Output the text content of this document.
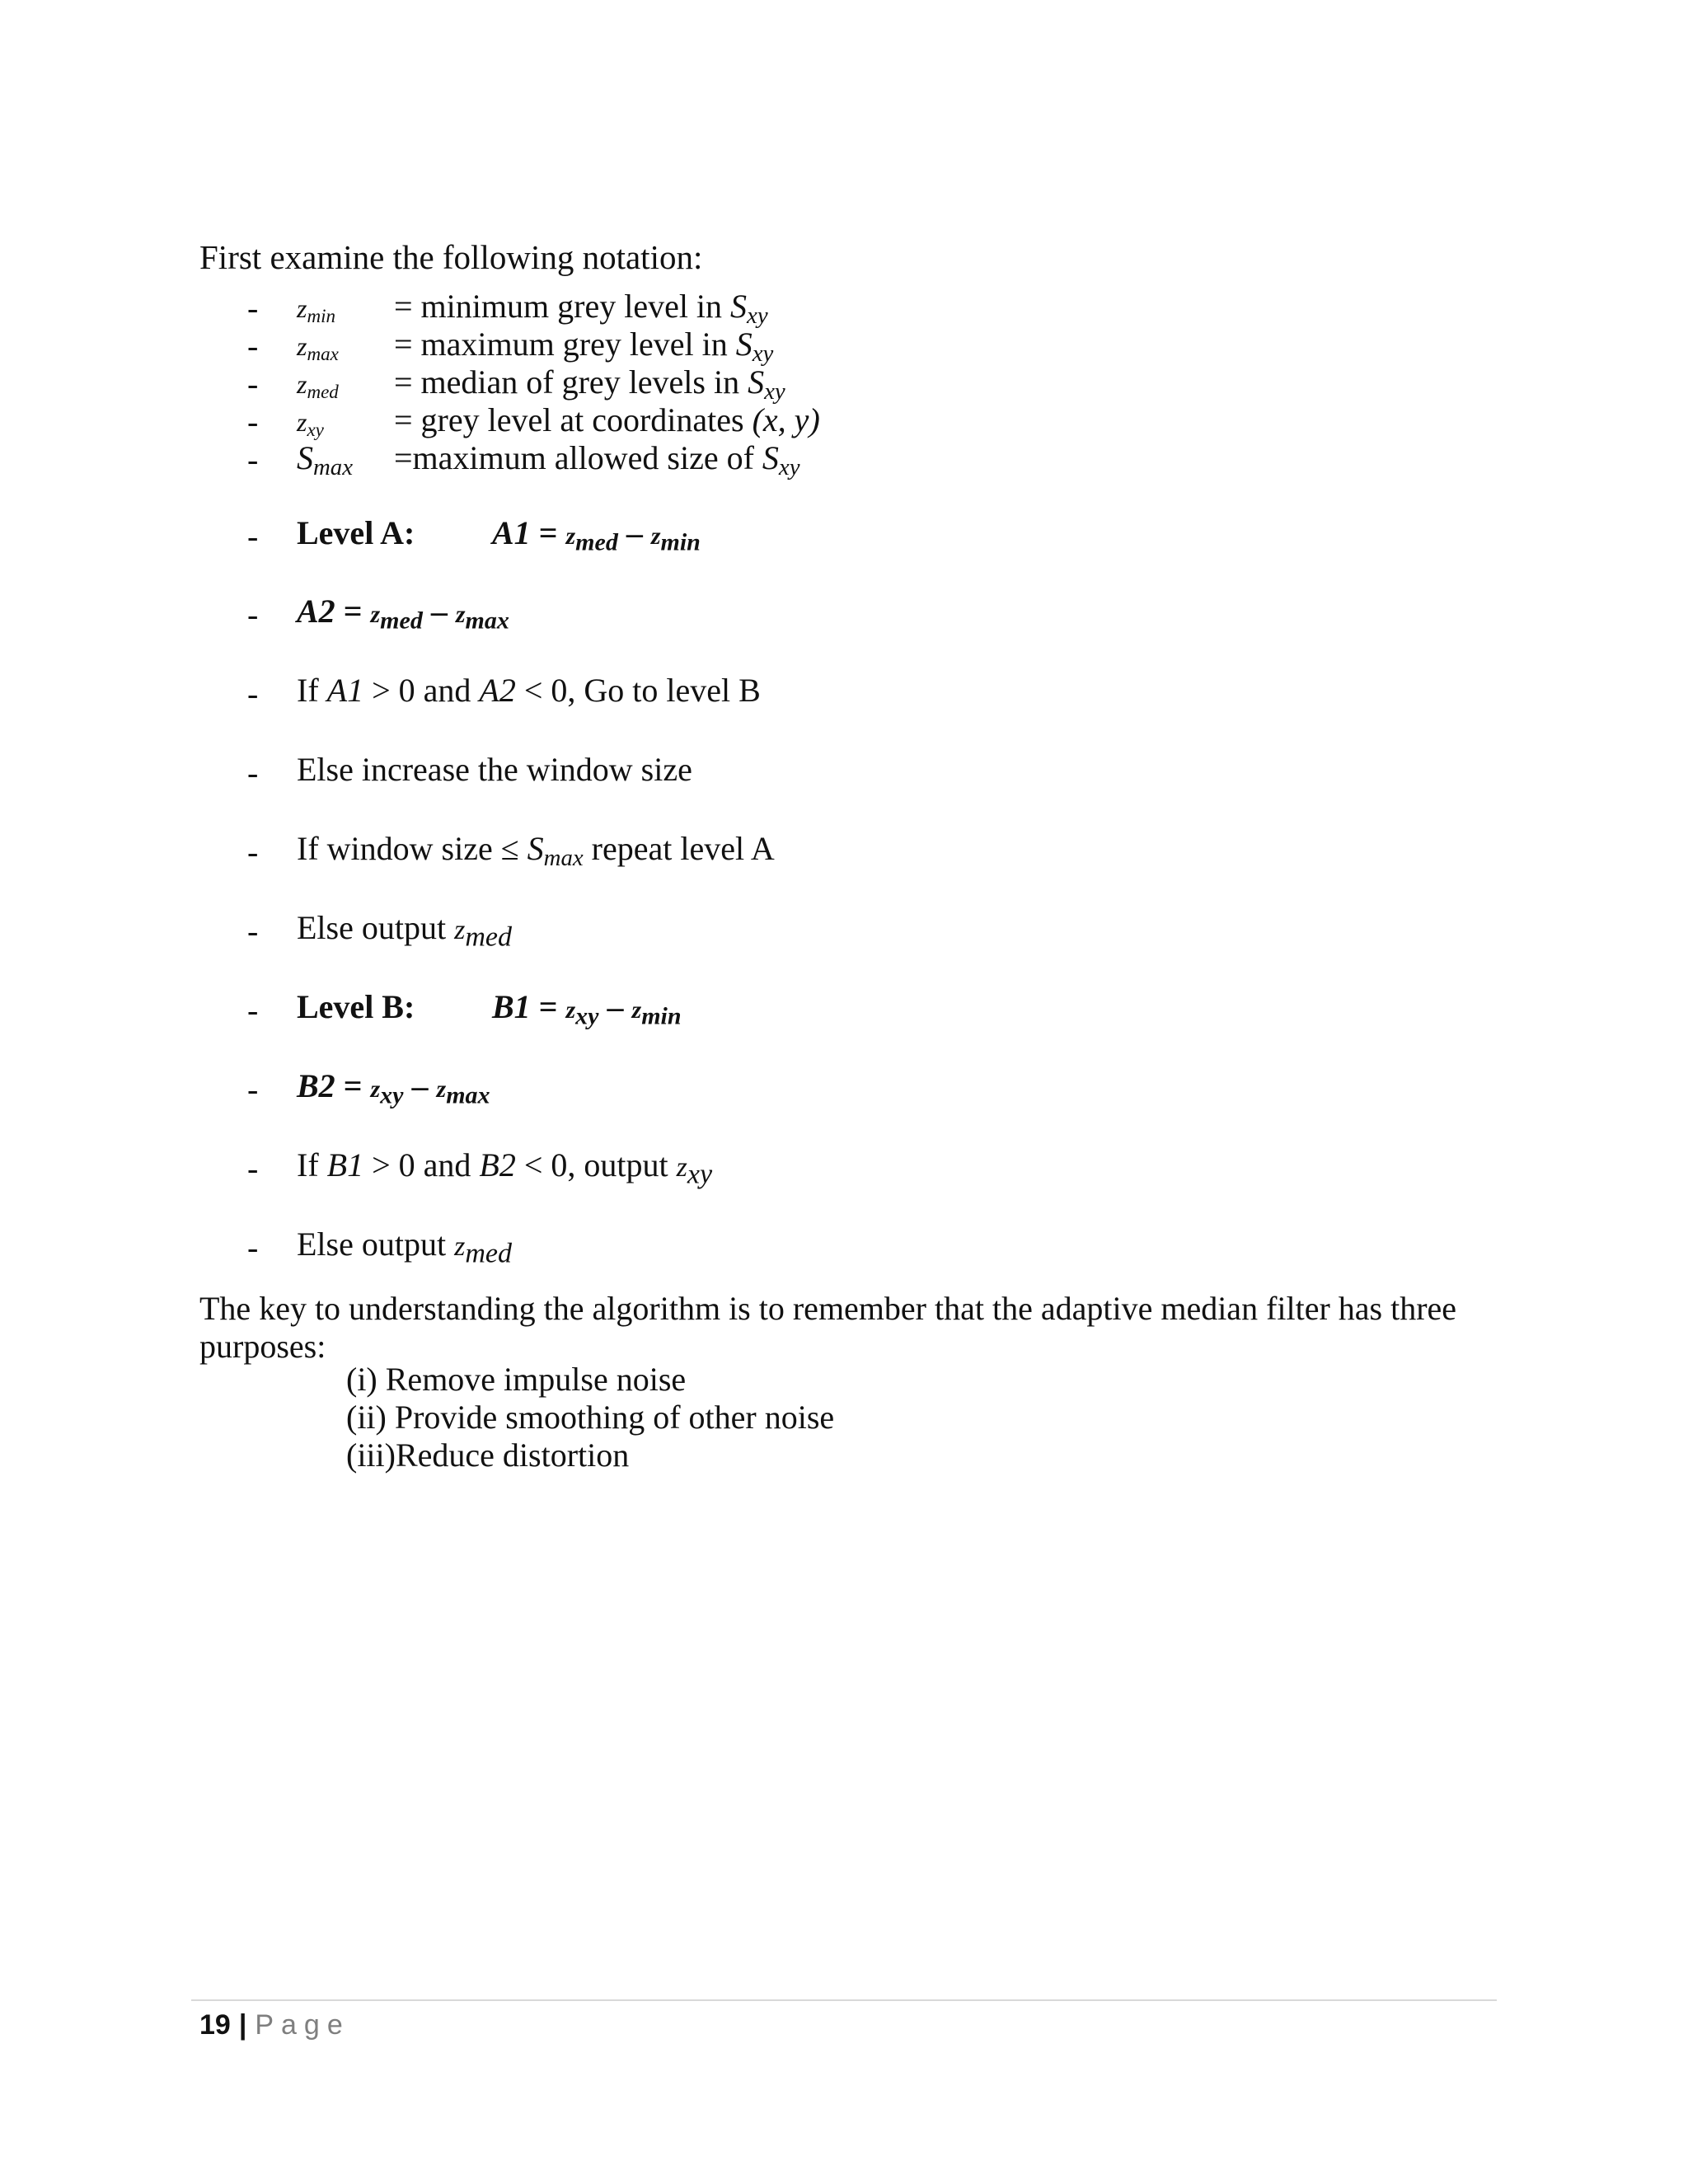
First examine the following notation:
- $z_{min}$ = minimum grey level in $S_{xy}$
- $z_{max}$ = maximum grey level in $S_{xy}$
- $z_{med}$ = median of grey levels in $S_{xy}$
- $z_{xy}$ = grey level at coordinates (x, y)
- $S_{max}$ =maximum allowed size of $S_{xy}$
- Level A: $A1 = z_{med} - z_{min}$
- $A2 = z_{med} - z_{max}$
- If A1 > 0 and A2 < 0, Go to level B
- Else increase the window size
- If window size ≤ $S_{max}$ repeat level A
- Else output $z_{med}$
- Level B: $B1 = z_{xy} - z_{min}$
- $B2 = z_{xy} - z_{max}$
- If B1 > 0 and B2 < 0, output $z_{xy}$
- Else output $z_{med}$
The key to understanding the algorithm is to remember that the adaptive median filter has three purposes:
(i) Remove impulse noise
(ii) Provide smoothing of other noise
(iii)Reduce distortion
19 | Page
